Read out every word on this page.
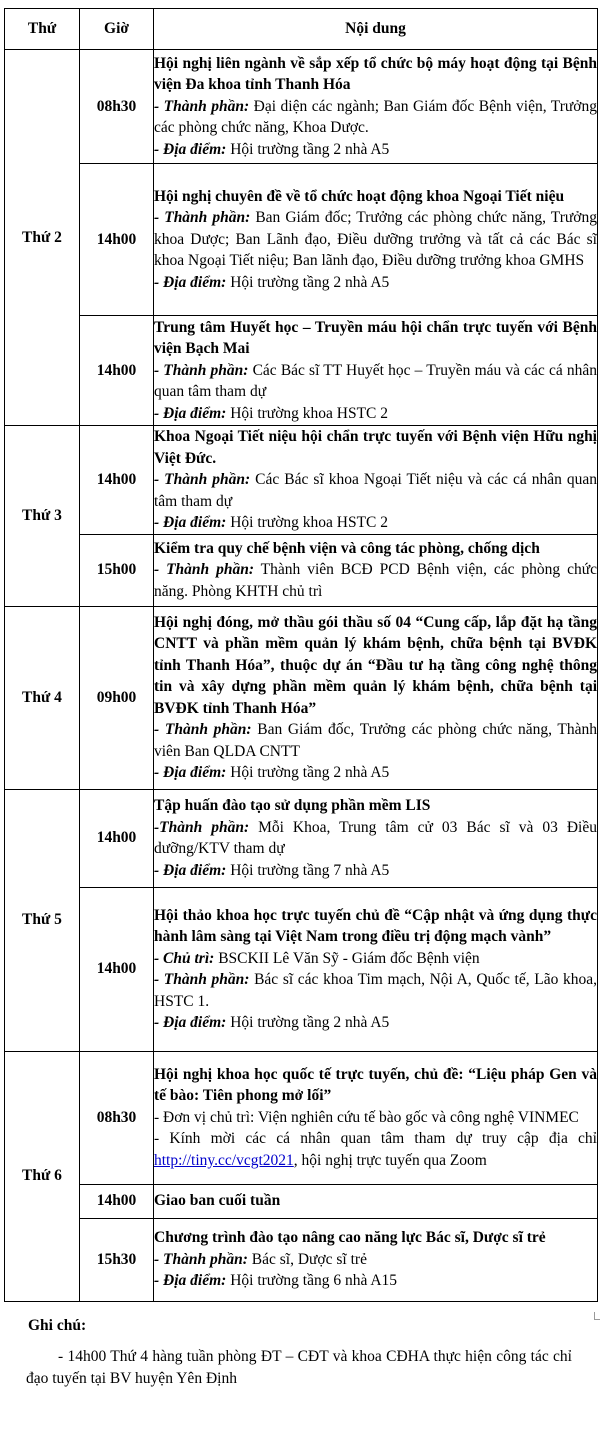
Thứ	Giờ	Nội dung
Thứ 2	08h30	Hội nghị liên ngành về sắp xếp tổ chức bộ máy hoạt động tại Bệnh viện Đa khoa tỉnh Thanh Hóa
- Thành phần: Đại diện các ngành; Ban Giám đốc Bệnh viện, Trưởng các phòng chức năng, Khoa Dược.
- Địa điểm: Hội trường tầng 2 nhà A5

	14h00	Hội nghị chuyên đề về tổ chức hoạt động khoa Ngoại Tiết niệu
- Thành phần: Ban Giám đốc; Trưởng các phòng chức năng, Trưởng khoa Dược; Ban Lãnh đạo, Điều dưỡng trưởng và tất cả các Bác sĩ khoa Ngoại Tiết niệu; Ban lãnh đạo, Điều dưỡng trưởng khoa GMHS
- Địa điểm: Hội trường tầng 2 nhà A5

	14h00	Trung tâm Huyết học – Truyền máu hội chẩn trực tuyến với Bệnh viện Bạch Mai
- Thành phần: Các Bác sĩ TT Huyết học – Truyền máu và các cá nhân quan tâm tham dự
- Địa điểm: Hội trường khoa HSTC 2

Thứ 3	14h00	Khoa Ngoại Tiết niệu hội chẩn trực tuyến với Bệnh viện Hữu nghị Việt Đức.
- Thành phần: Các Bác sĩ khoa Ngoại Tiết niệu và các cá nhân quan tâm tham dự
- Địa điểm: Hội trường khoa HSTC 2

	15h00	Kiểm tra quy chế bệnh viện và công tác phòng, chống dịch
- Thành phần: Thành viên BCĐ PCD Bệnh viện, các phòng chức năng. Phòng KHTH chủ trì

Thứ 4	09h00	Hội nghị đóng, mở thầu gói thầu số 04 “Cung cấp, lắp đặt hạ tầng CNTT và phần mềm quản lý khám bệnh, chữa bệnh tại BVĐK tỉnh Thanh Hóa”, thuộc dự án “Đầu tư hạ tầng công nghệ thông tin và xây dựng phần mềm quản lý khám bệnh, chữa bệnh tại BVĐK tỉnh Thanh Hóa”
- Thành phần: Ban Giám đốc, Trưởng các phòng chức năng, Thành viên Ban QLDA CNTT
- Địa điểm: Hội trường tầng 2 nhà A5

Thứ 5	14h00	Tập huấn đào tạo sử dụng phần mềm LIS
-Thành phần: Mỗi Khoa, Trung tâm cử 03 Bác sĩ và 03 Điều dưỡng/KTV tham dự
- Địa điểm: Hội trường tầng 7 nhà A5

	14h00	Hội thảo khoa học trực tuyến chủ đề “Cập nhật và ứng dụng thực hành lâm sàng tại Việt Nam trong điều trị động mạch vành”
- Chủ trì: BSCKII Lê Văn Sỹ - Giám đốc Bệnh viện
- Thành phần: Bác sĩ các khoa Tim mạch, Nội A, Quốc tế, Lão khoa, HSTC 1.
- Địa điểm: Hội trường tầng 2 nhà A5

Thứ 6	08h30	Hội nghị khoa học quốc tế trực tuyến, chủ đề: “Liệu pháp Gen và tế bào: Tiên phong mở lối”
- Đơn vị chủ trì: Viện nghiên cứu tế bào gốc và công nghệ VINMEC
- Kính mời các cá nhân quan tâm tham dự truy cập địa chỉ http://tiny.cc/vcgt2021, hội nghị trực tuyến qua Zoom

	14h00	Giao ban cuối tuần

	15h30	Chương trình đào tạo nâng cao năng lực Bác sĩ, Dược sĩ trẻ
- Thành phần: Bác sĩ, Dược sĩ trẻ
- Địa điểm: Hội trường tầng 6 nhà A15
Ghi chú:
- 14h00 Thứ 4 hàng tuần phòng ĐT – CĐT và khoa CĐHA thực hiện công tác chỉ đạo tuyến tại BV huyện Yên Định
